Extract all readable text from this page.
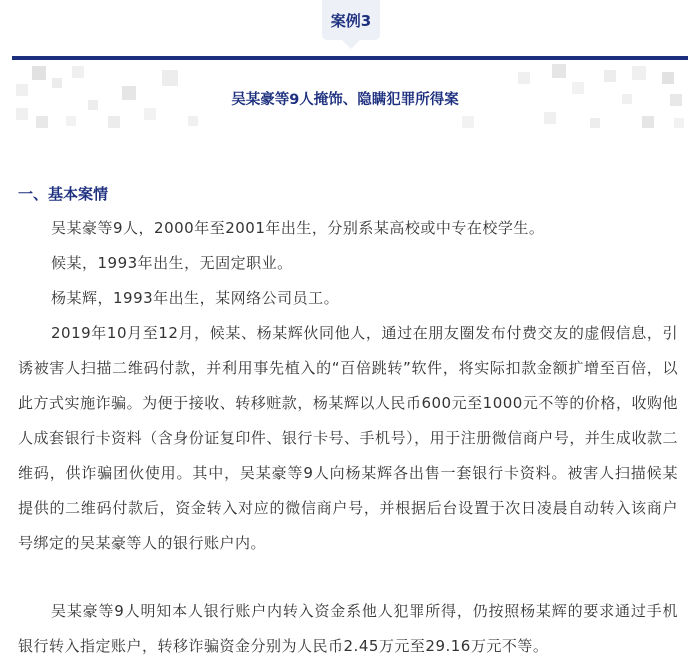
案例3
吴某豪等9人掩饰、隐瞒犯罪所得案
一、基本案情

吴某豪等9人，2000年至2001年出生，分别系某高校或中专在校学生。

候某，1993年出生，无固定职业。

杨某辉，1993年出生，某网络公司员工。

2019年10月至12月，候某、杨某辉伙同他人，通过在朋友圈发布付费交友的虚假信息，引诱被害人扫描二维码付款，并利用事先植入的“百倍跳转”软件，将实际扣款金额扩增至百倍，以此方式实施诈骗。为便于接收、转移赃款，杨某辉以人民币600元至1000元不等的价格，收购他人成套银行卡资料（含身份证复印件、银行卡号、手机号），用于注册微信商户号，并生成收款二维码，供诈骗团伙使用。其中，吴某豪等9人向杨某辉各出售一套银行卡资料。被害人扫描候某提供的二维码付款后，资金转入对应的微信商户号，并根据后台设置于次日凌晨自动转入该商户号绑定的吴某豪等人的银行账户内。

吴某豪等9人明知本人银行账户内转入资金系他人犯罪所得，仍按照杨某辉的要求通过手机银行转入指定账户，转移诈骗资金分别为人民币2.45万元至29.16万元不等。
